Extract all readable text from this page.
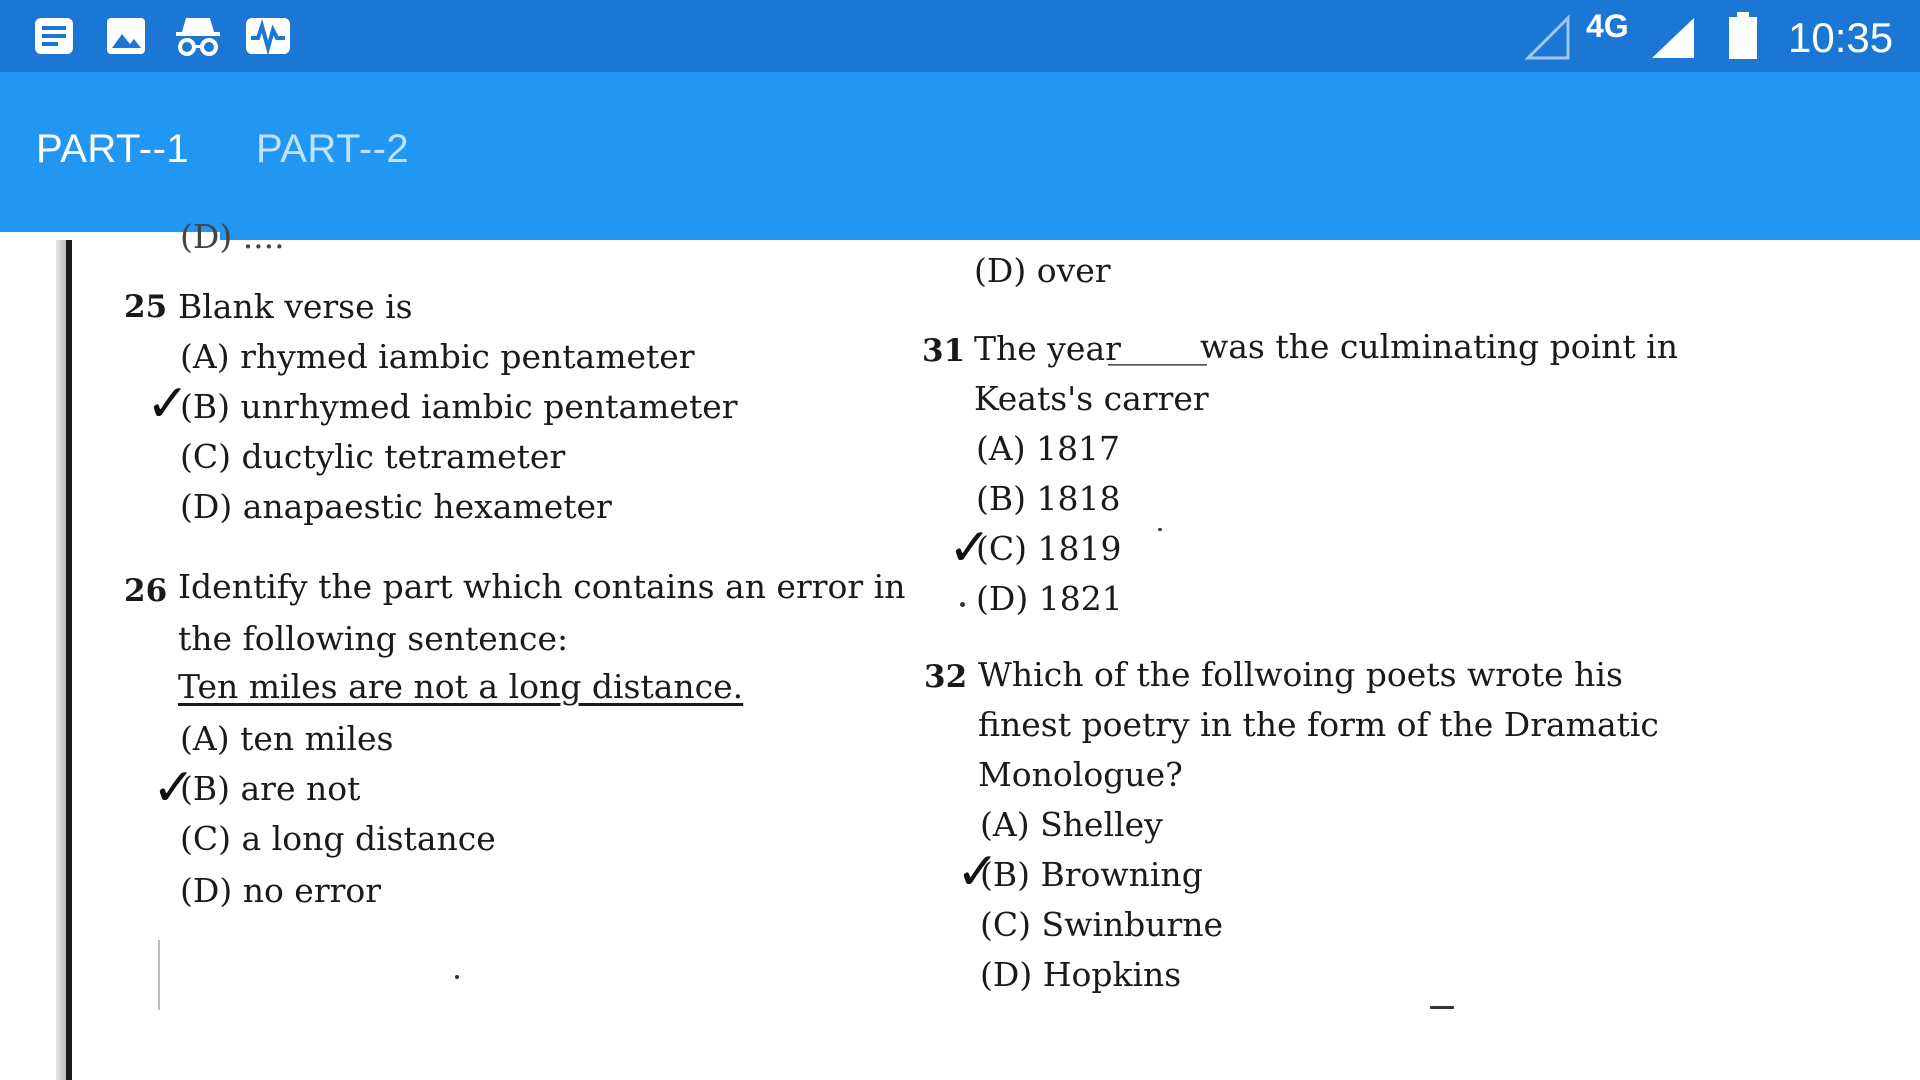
4G	10:35
PART--1 PART--2
(D) ....
25 Blank verse is
(A) rhymed iambic pentameter
(B) unrhymed iambic pentameter
✓
(C) ductylic tetrameter
(D) anapaestic hexameter
26 Identify the part which contains an error in
the following sentence:
Ten miles are not a long distance.
(A) ten miles
(B) are not
✓
(C) a long distance
(D) no error
(D) over
31 The year
______
was the culminating point in
Keats's carrer
(A) 1817
(B) 1818
(C) 1819
✓
(D) 1821
32 Which of the follwoing poets wrote his
finest poetry in the form of the Dramatic
Monologue?
(A) Shelley
(B) Browning
✓
(C) Swinburne
(D) Hopkins
